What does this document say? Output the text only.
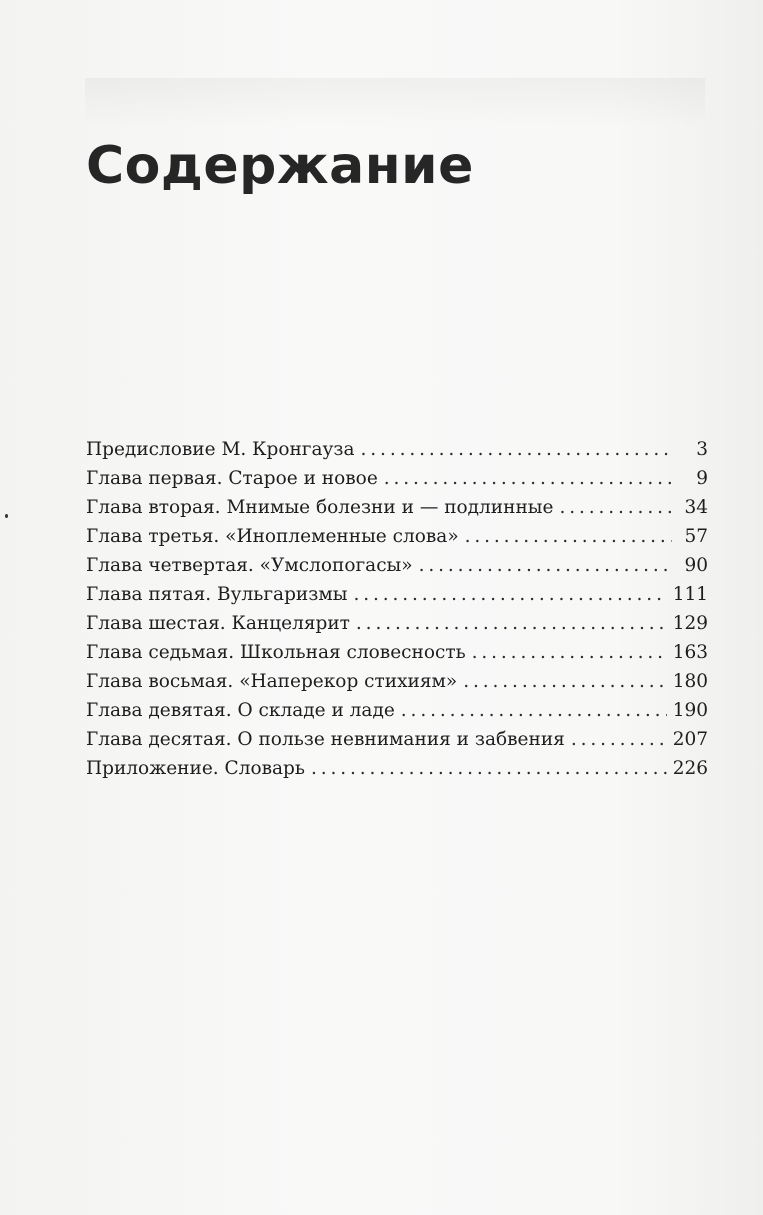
Содержание
Предисловие М. Кронгауза . . .	3
Глава первая. Старое и новое . . .	9
Глава вторая. Мнимые болезни и — подлинные . . .	34
Глава третья. «Иноплеменные слова» . . .	57
Глава четвертая. «Умслопогасы» . . .	90
Глава пятая. Вульгаризмы . . .	111
Глава шестая. Канцелярит . . .	129
Глава седьмая. Школьная словесность . . .	163
Глава восьмая. «Наперекор стихиям» . . .	180
Глава девятая. О складе и ладе . . .	190
Глава десятая. О пользе невнимания и забвения . . .	207
Приложение. Словарь . . .	226
